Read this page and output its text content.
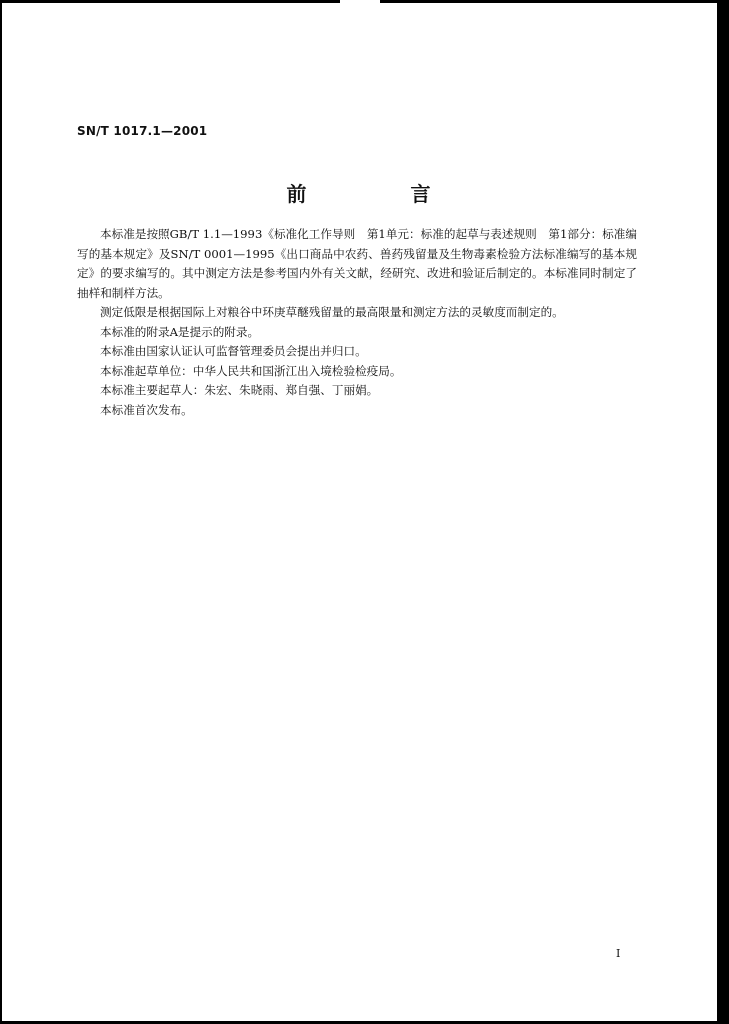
SN/T 1017.1—2001
前　言

本标准是按照GB/T 1.1—1993《标准化工作导则　第1单元：标准的起草与表述规则　第1部分：标准编写的基本规定》及SN/T 0001—1995《出口商品中农药、兽药残留量及生物毒素检验方法标准编写的基本规定》的要求编写的。其中测定方法是参考国内外有关文献，经研究、改进和验证后制定的。本标准同时制定了抽样和制样方法。

测定低限是根据国际上对粮谷中环庚草醚残留量的最高限量和测定方法的灵敏度而制定的。

本标准的附录A是提示的附录。

本标准由国家认证认可监督管理委员会提出并归口。

本标准起草单位：中华人民共和国浙江出入境检验检疫局。

本标准主要起草人：朱宏、朱晓雨、郑自强、丁丽娟。

本标准首次发布。

I
